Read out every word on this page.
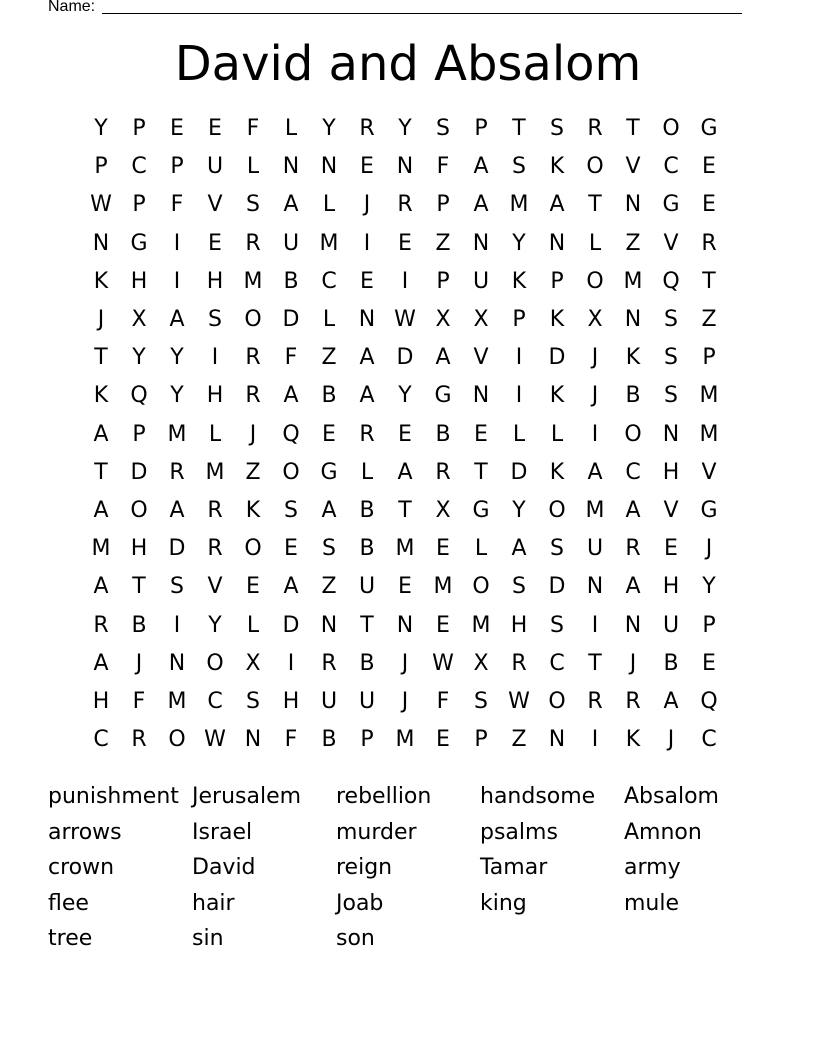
Name:
David and Absalom
Y	P	E	E	F	L	Y	R	Y	S	P	T	S	R	T	O G
P	C	P	U	L	N N	E	N	F	A	S	K	O V	C	E
W P	F	V	S	A	L	J	R	P	A M A	T	N G	E
N G	I	E	R	U M	I	E	Z	N	Y	N	L	Z	V	R
K	H	I	H M B	C	E	I	P	U	K	P	O M Q	T
J	X	A	S	O D	L	N W X	X	P	K	X	N	S	Z
T	Y	Y	I	R	F	Z	A D	A	V	I	D	J	K	S	P
K	Q	Y	H	R	A	B	A	Y	G N	I	K	J	B	S M
A	P M	L	J	Q	E	R	E	B	E	L	L	I	O N M
T	D R M Z O G	L	A	R	T	D	K	A	C	H	V
A O A	R	K	S	A	B	T	X G	Y	O M A	V G
M H D R O	E	S	B M E	L	A	S	U	R	E	J
A	T	S	V	E	A	Z	U	E M O	S	D N	A	H	Y
R	B	I	Y	L	D N	T	N	E M H	S	I	N U	P
A	J	N O X	I	R	B	J	W X	R	C	T	J	B	E
H	F	M C	S	H U U	J	F	S W O R	R	A Q
C	R O W N	F	B	P M E	P	Z	N	I	K	J	C
punishment Jerusalem	rebellion	handsome	Absalom
arrows	Israel	murder	psalms	Amnon
crown	David	reign	Tamar	army
flee	hair	Joab	king	mule
tree	sin	son
